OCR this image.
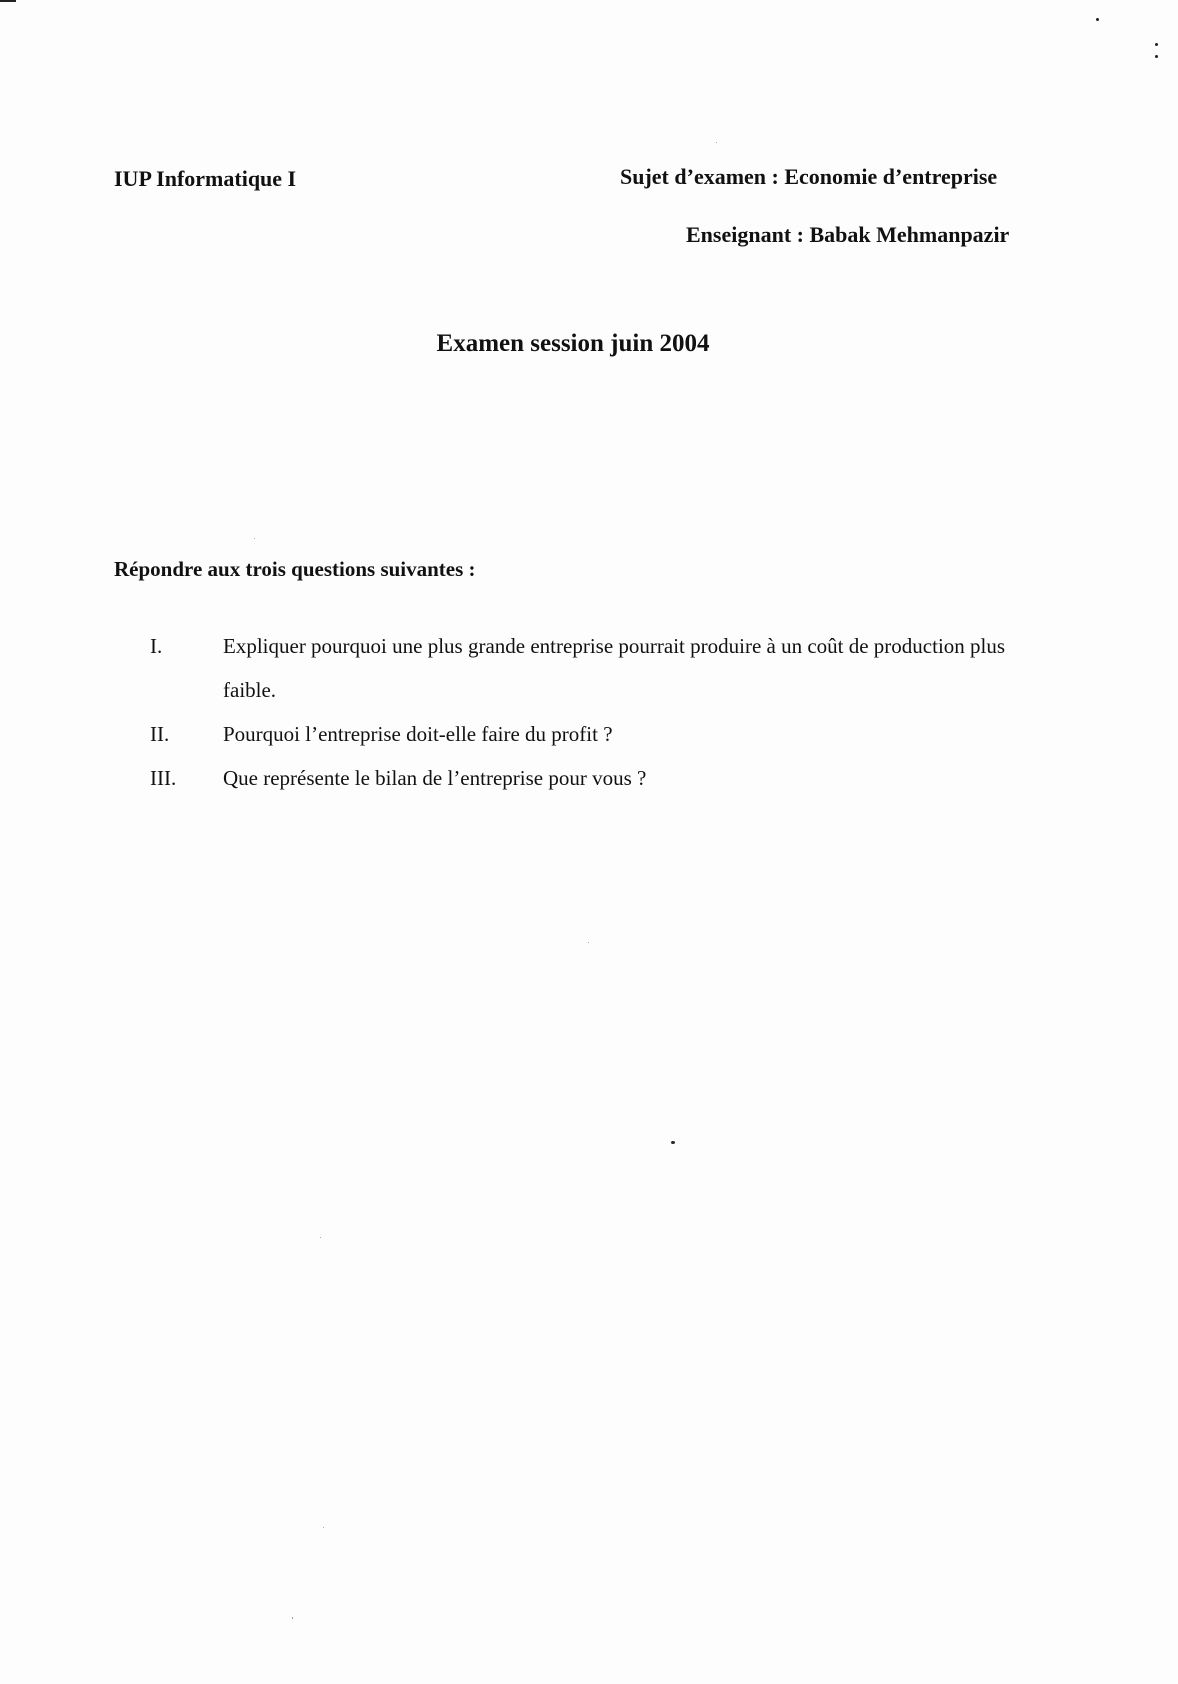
IUP Informatique I	Sujet d’examen : Economie d’entreprise
Enseignant : Babak Mehmanpazir
Examen session juin 2004
Répondre aux trois questions suivantes :
I.	Expliquer pourquoi une plus grande entreprise pourrait produire à un coût de production plus faible.
II.	Pourquoi l’entreprise doit-elle faire du profit ?
III.	Que représente le bilan de l’entreprise pour vous ?
